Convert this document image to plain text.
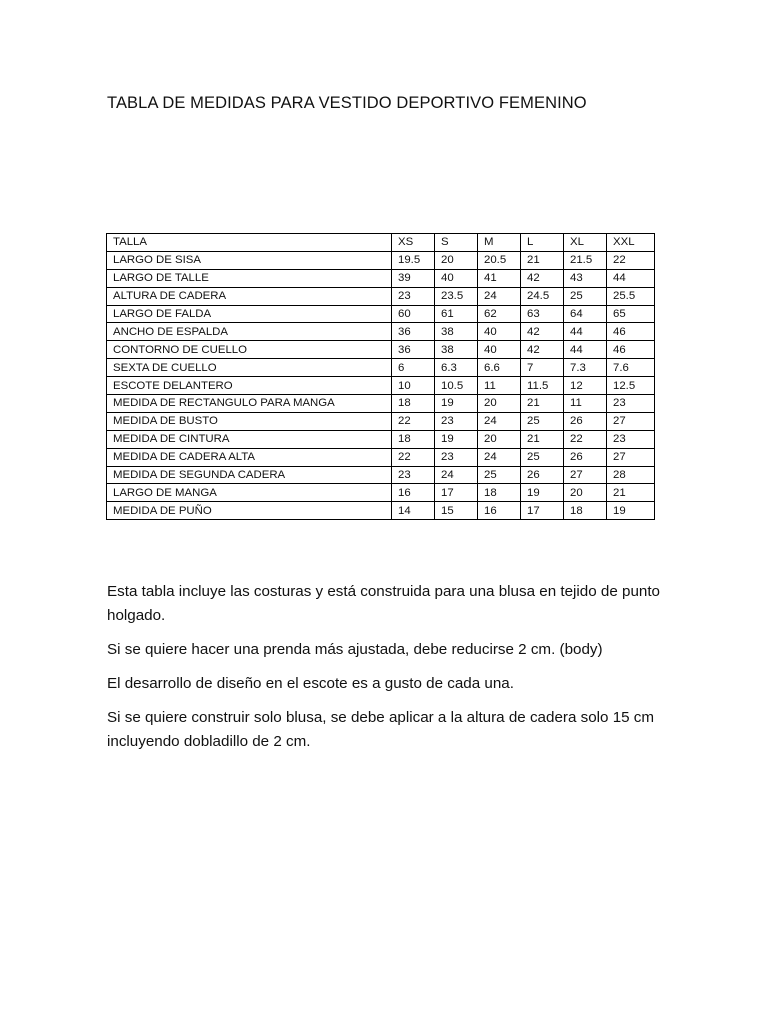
TABLA DE MEDIDAS PARA VESTIDO DEPORTIVO FEMENINO
TALLA	XS	S	M	L	XL	XXL
LARGO DE SISA	19.5	20	20.5	21	21.5	22
LARGO DE TALLE	39	40	41	42	43	44
ALTURA DE CADERA	23	23.5	24	24.5	25	25.5
LARGO DE FALDA	60	61	62	63	64	65
ANCHO DE ESPALDA	36	38	40	42	44	46
CONTORNO DE CUELLO	36	38	40	42	44	46
SEXTA DE CUELLO	6	6.3	6.6	7	7.3	7.6
ESCOTE DELANTERO	10	10.5	11	11.5	12	12.5
MEDIDA DE RECTANGULO PARA MANGA	18	19	20	21	11	23
MEDIDA DE BUSTO	22	23	24	25	26	27
MEDIDA DE CINTURA	18	19	20	21	22	23
MEDIDA DE CADERA ALTA	22	23	24	25	26	27
MEDIDA DE SEGUNDA CADERA	23	24	25	26	27	28
LARGO DE MANGA	16	17	18	19	20	21
MEDIDA DE PUÑO	14	15	16	17	18	19

Esta tabla incluye las costuras y está construida para una blusa en tejido de punto holgado.

Si se quiere hacer una prenda más ajustada, debe reducirse 2 cm. (body)

El desarrollo de diseño en el escote es a gusto de cada una.

Si se quiere construir solo blusa, se debe aplicar a la altura de cadera solo 15 cm incluyendo dobladillo de 2 cm.
